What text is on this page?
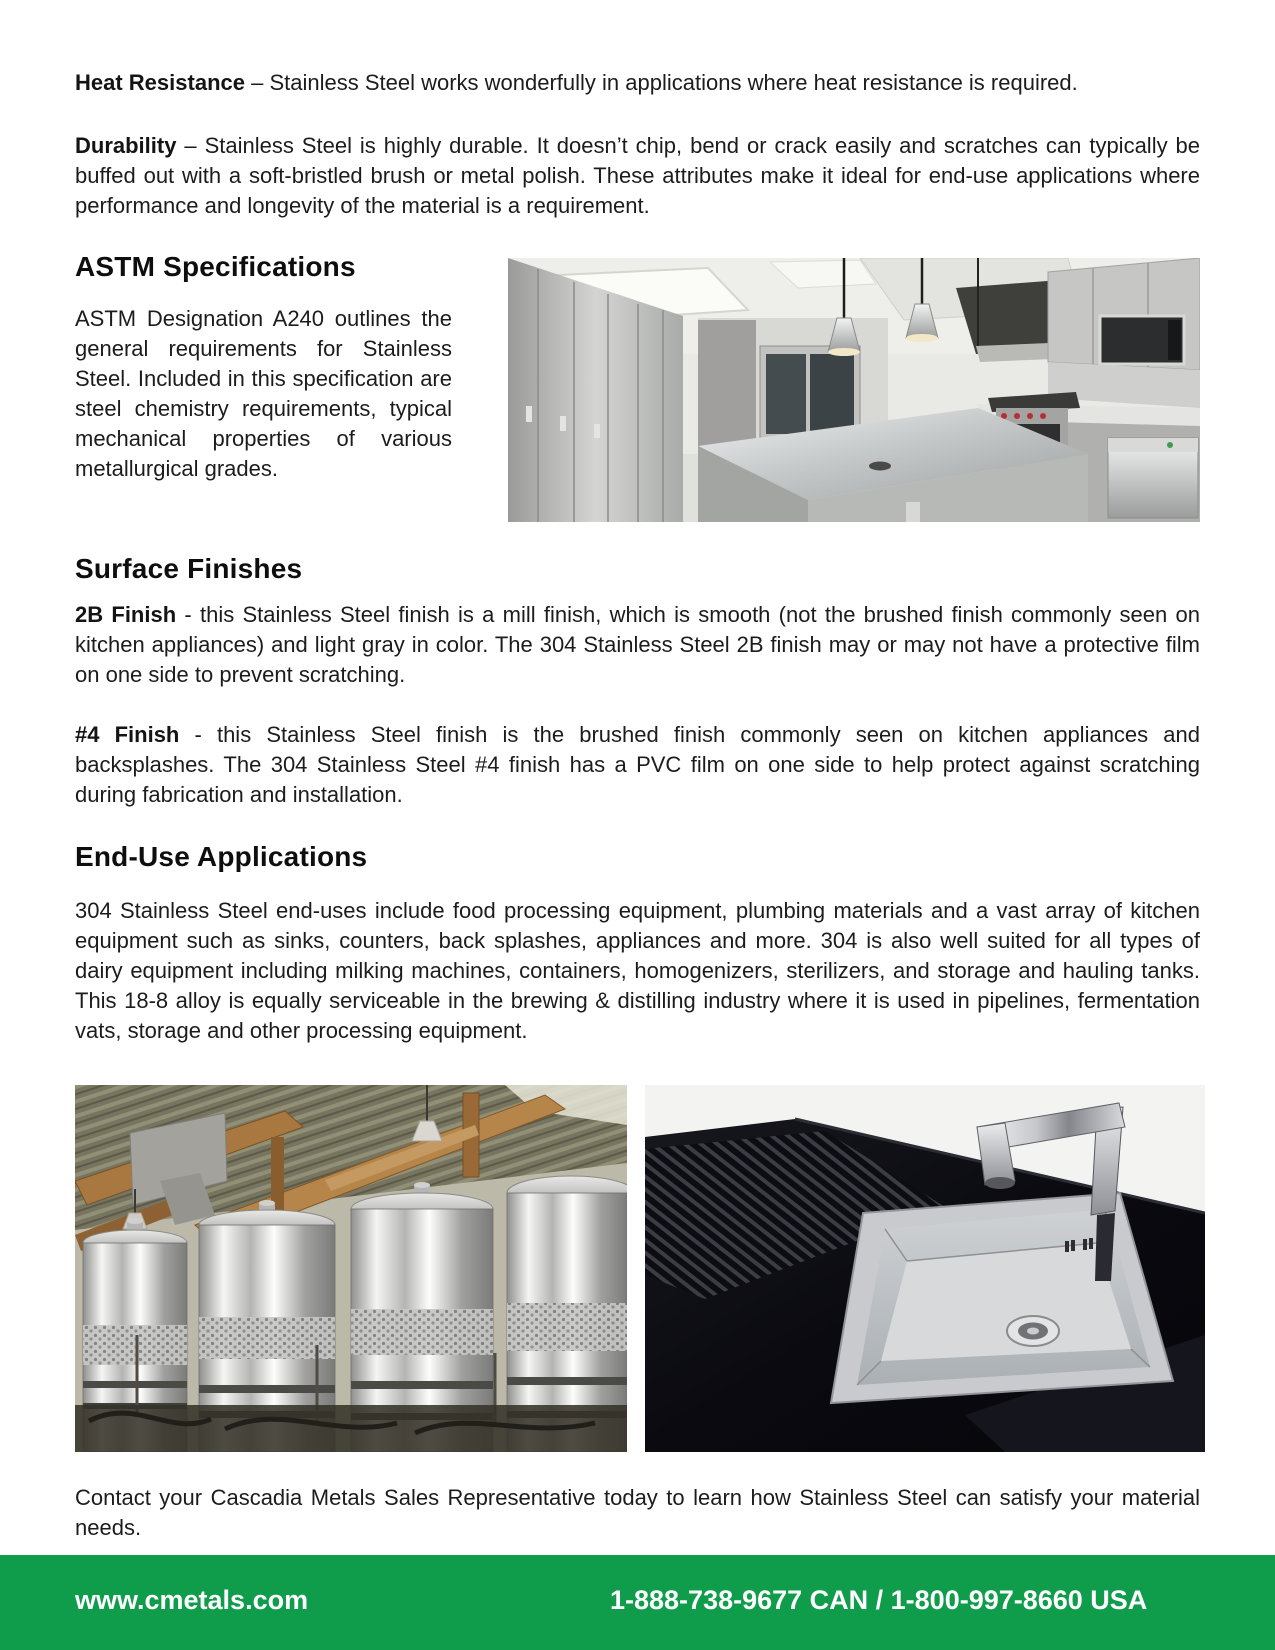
Heat Resistance – Stainless Steel works wonderfully in applications where heat resistance is required.

Durability – Stainless Steel is highly durable. It doesn’t chip, bend or crack easily and scratches can typically be buffed out with a soft-bristled brush or metal polish. These attributes make it ideal for end-use applications where performance and longevity of the material is a requirement.

ASTM Specifications

ASTM Designation A240 outlines the general requirements for Stainless Steel. Included in this specification are steel chemistry requirements, typical mechanical properties of various metallurgical grades.

Surface Finishes

2B Finish - this Stainless Steel finish is a mill finish, which is smooth (not the brushed finish commonly seen on kitchen appliances) and light gray in color. The 304 Stainless Steel 2B finish may or may not have a protective film on one side to prevent scratching.

#4 Finish - this Stainless Steel finish is the brushed finish commonly seen on kitchen appliances and backsplashes. The 304 Stainless Steel #4 finish has a PVC film on one side to help protect against scratching during fabrication and installation.

End-Use Applications

304 Stainless Steel end-uses include food processing equipment, plumbing materials and a vast array of kitchen equipment such as sinks, counters, back splashes, appliances and more. 304 is also well suited for all types of dairy equipment including milking machines, containers, homogenizers, sterilizers, and storage and hauling tanks. This 18-8 alloy is equally serviceable in the brewing & distilling industry where it is used in pipelines, fermentation vats, storage and other processing equipment.

Contact your Cascadia Metals Sales Representative today to learn how Stainless Steel can satisfy your material needs.

www.cmetals.com	1-888-738-9677 CAN / 1-800-997-8660 USA
